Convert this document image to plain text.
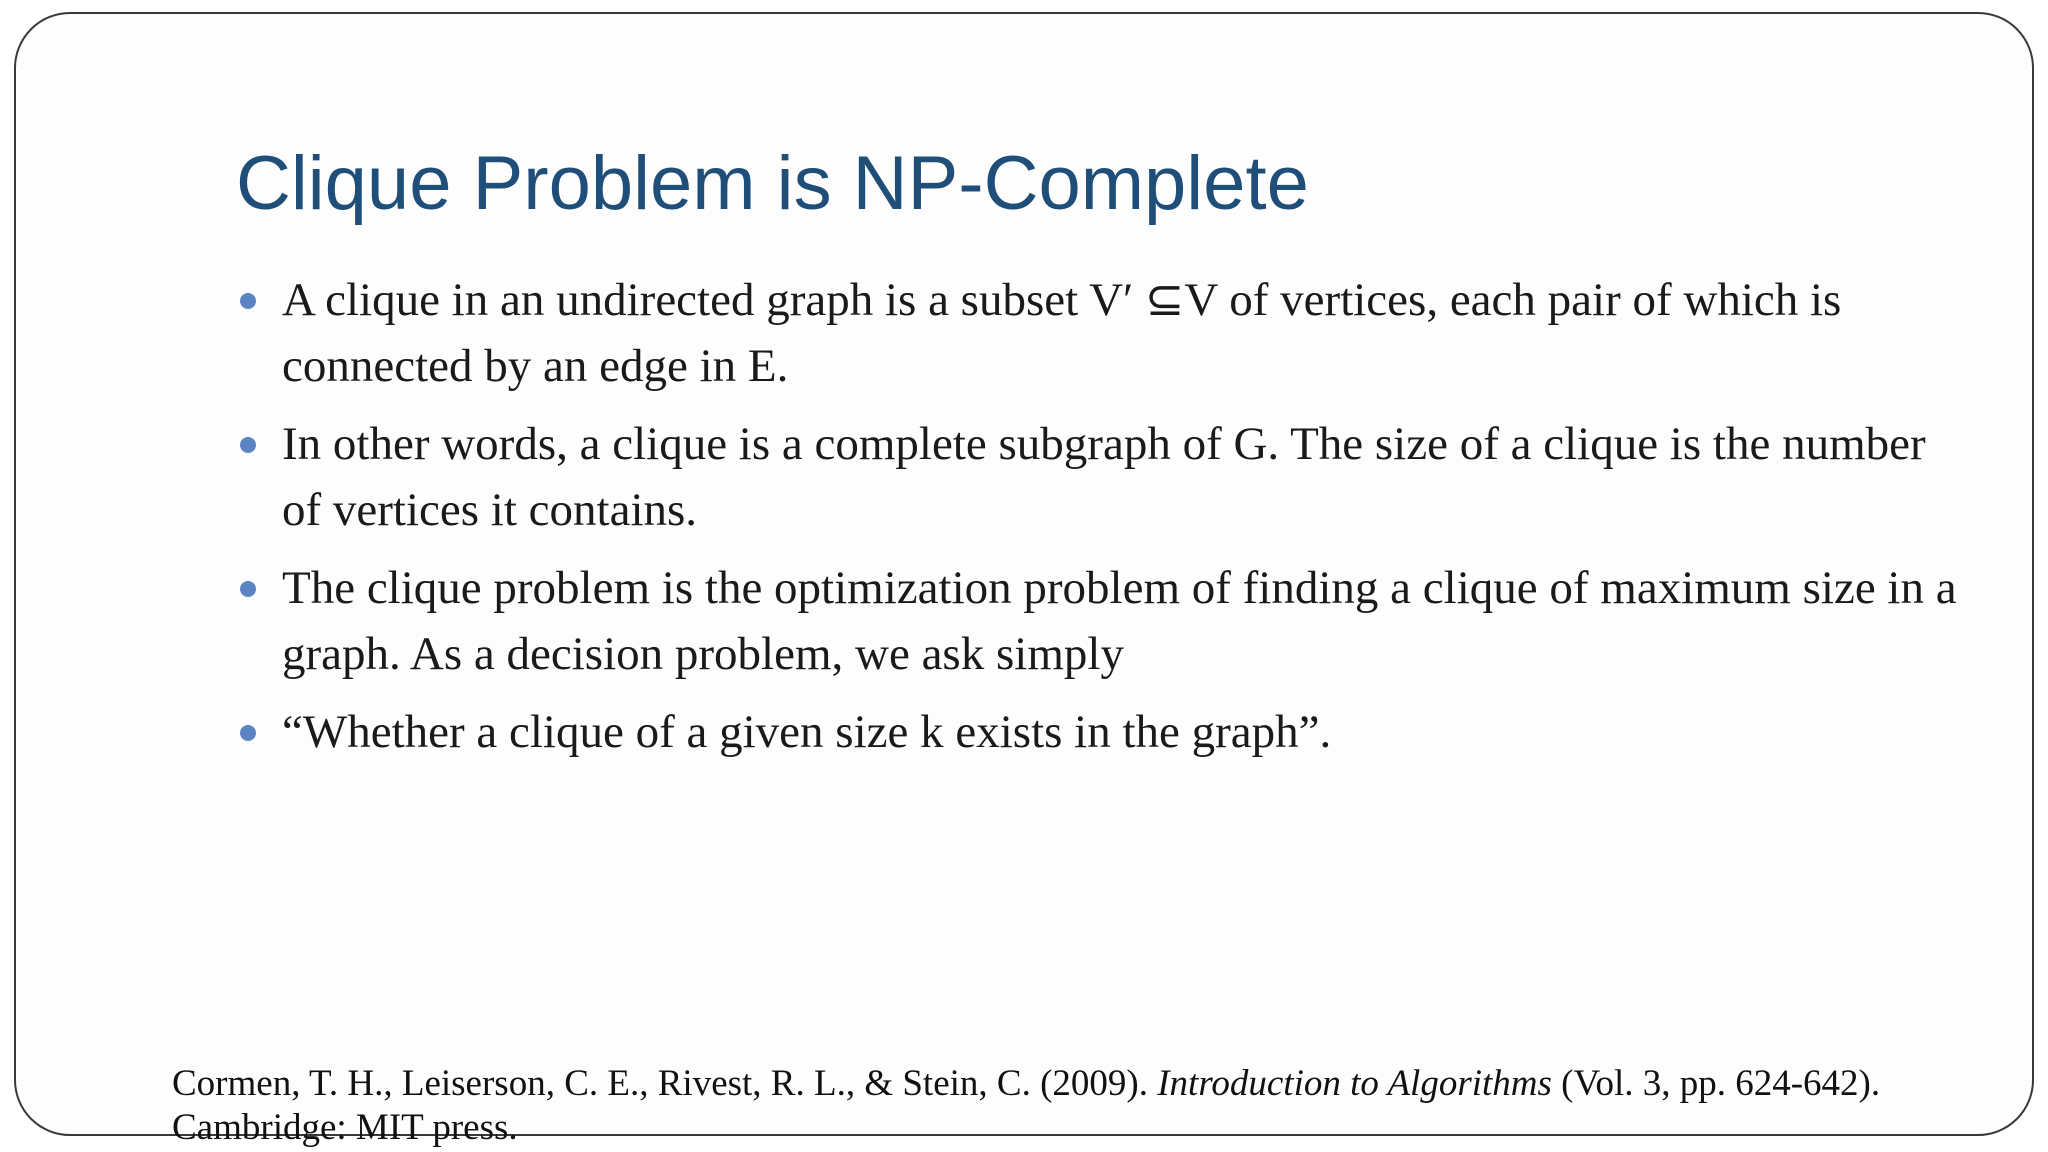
Clique Problem is NP-Complete
A clique in an undirected graph is a subset V′ ⊆V of vertices, each pair of which is connected by an edge in E.
In other words, a clique is a complete subgraph of G. The size of a clique is the number of vertices it contains.
The clique problem is the optimization problem of finding a clique of maximum size in a graph. As a decision problem, we ask simply
“Whether a clique of a given size k exists in the graph”.

Cormen, T. H., Leiserson, C. E., Rivest, R. L., & Stein, C. (2009). Introduction to Algorithms (Vol. 3, pp. 624-642). Cambridge: MIT press.
